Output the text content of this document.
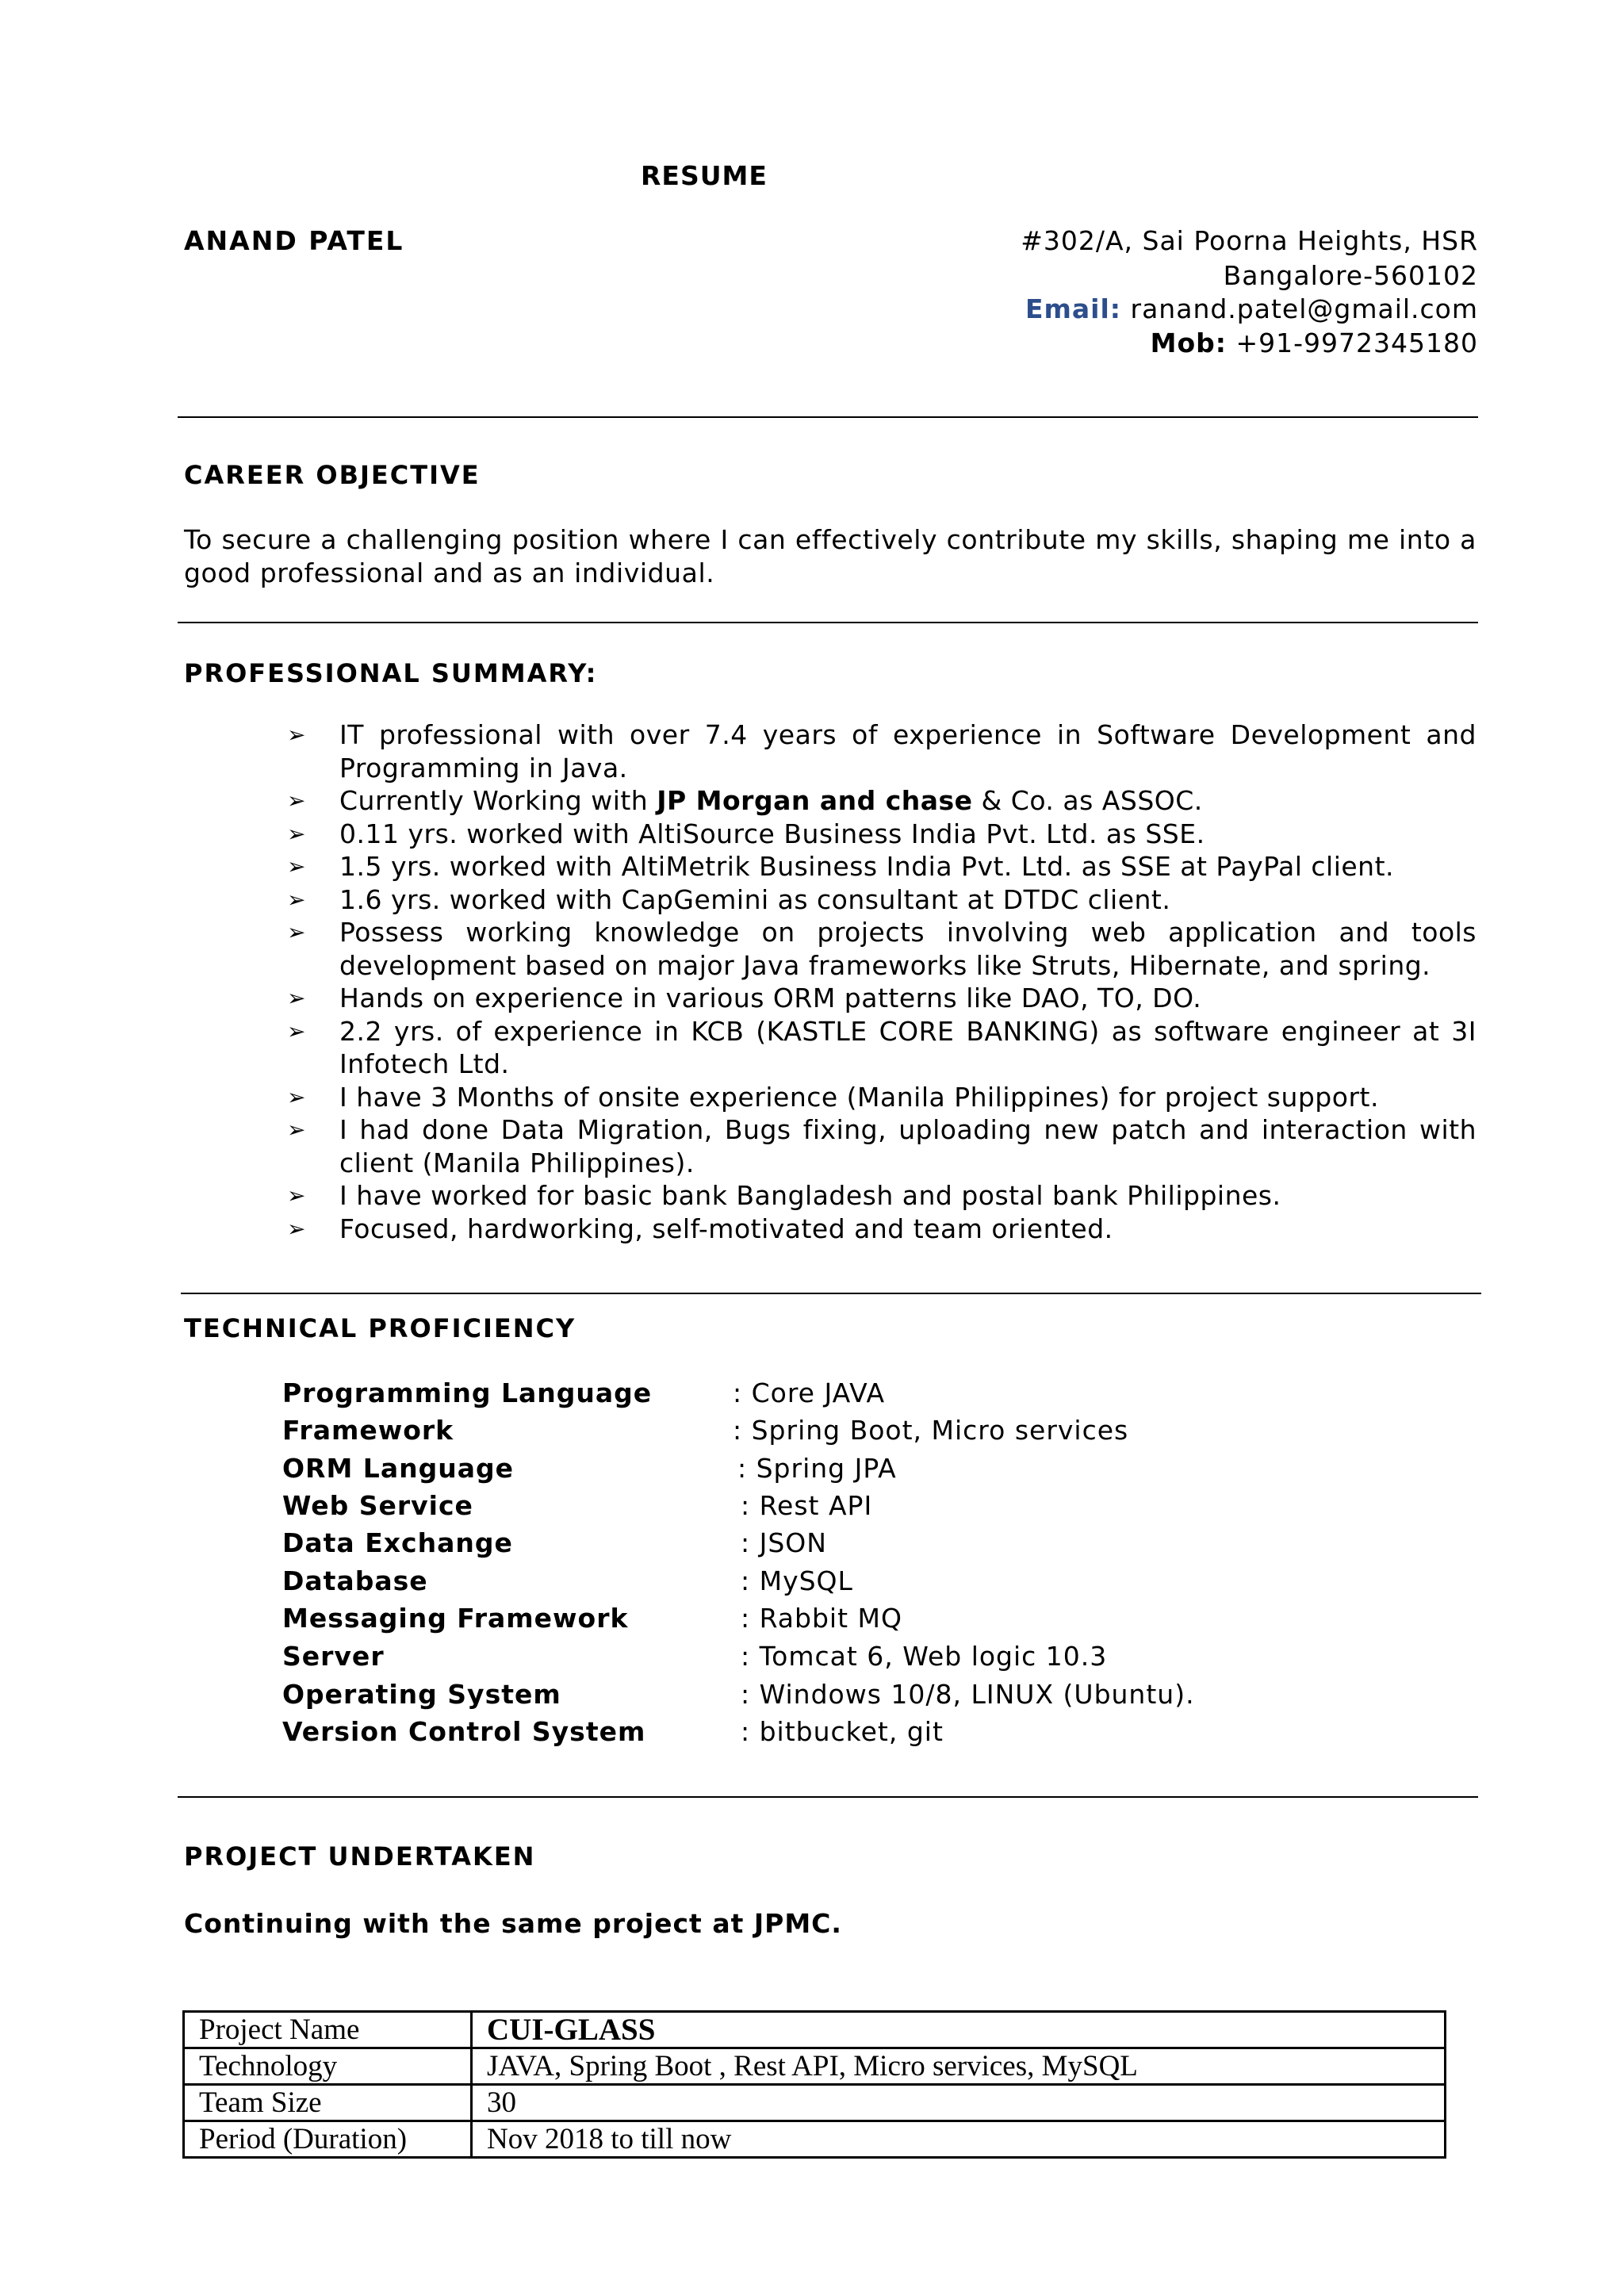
RESUME
ANAND PATEL	#302/A, Sai Poorna Heights, HSR
Bangalore-560102
Email: ranand.patel@gmail.com
Mob: +91-9972345180
CAREER OBJECTIVE
To secure a challenging position where I can effectively contribute my skills, shaping me into a good professional and as an individual.
PROFESSIONAL SUMMARY:
➢ IT professional with over 7.4 years of experience in Software Development and Programming in Java.
➢ Currently Working with JP Morgan and chase & Co. as ASSOC.
➢ 0.11 yrs. worked with AltiSource Business India Pvt. Ltd. as SSE.
➢ 1.5 yrs. worked with AltiMetrik Business India Pvt. Ltd. as SSE at PayPal client.
➢ 1.6 yrs. worked with CapGemini as consultant at DTDC client.
➢ Possess working knowledge on projects involving web application and tools development based on major Java frameworks like Struts, Hibernate, and spring.
➢ Hands on experience in various ORM patterns like DAO, TO, DO.
➢ 2.2 yrs. of experience in KCB (KASTLE CORE BANKING) as software engineer at 3I Infotech Ltd.
➢ I have 3 Months of onsite experience (Manila Philippines) for project support.
➢ I had done Data Migration, Bugs fixing, uploading new patch and interaction with client (Manila Philippines).
➢ I have worked for basic bank Bangladesh and postal bank Philippines.
➢ Focused, hardworking, self-motivated and team oriented.
TECHNICAL PROFICIENCY
Programming Language	: Core JAVA
Framework	: Spring Boot, Micro services
ORM Language	: Spring JPA
Web Service	: Rest API
Data Exchange	: JSON
Database	: MySQL
Messaging Framework	: Rabbit MQ
Server	: Tomcat 6, Web logic 10.3
Operating System	: Windows 10/8, LINUX (Ubuntu).
Version Control System	: bitbucket, git
PROJECT UNDERTAKEN
Continuing with the same project at JPMC.
Project Name	CUI-GLASS
Technology	JAVA, Spring Boot , Rest API, Micro services, MySQL
Team Size	30
Period (Duration)	Nov 2018 to till now
